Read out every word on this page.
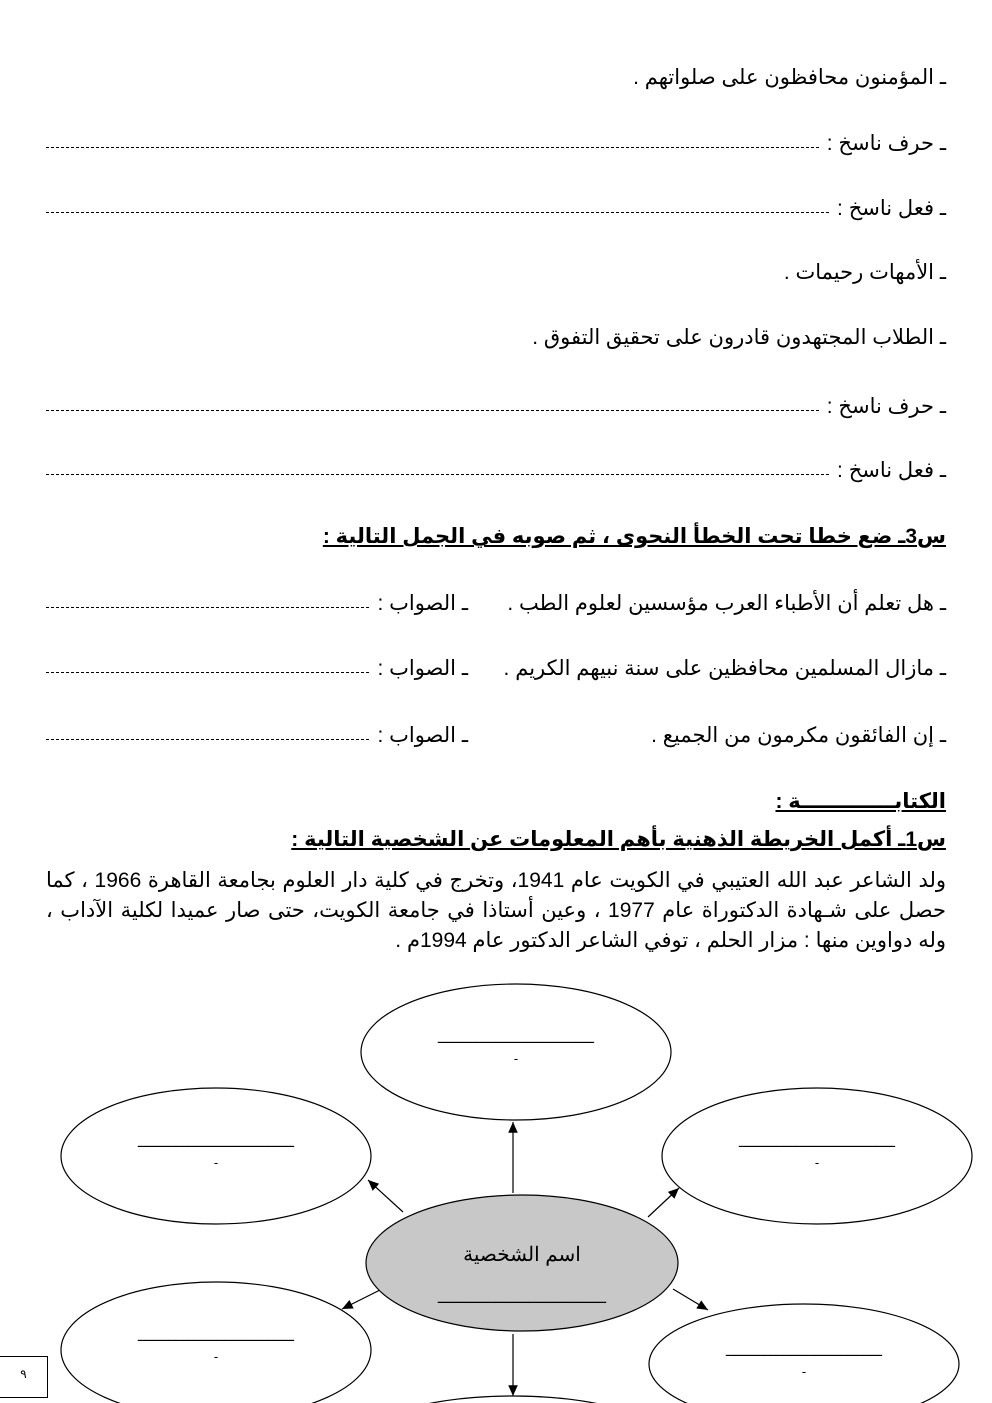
ـ المؤمنون محافظون على صلواتهم .
ـ حرف ناسخ :
ـ فعل ناسخ :
ـ الأمهات رحيمات .
ـ الطلاب المجتهدون قادرون على تحقيق التفوق .
ـ حرف ناسخ :
ـ فعل ناسخ :
س3ـ ضع خطا تحت الخطأ النحوى ، ثم صوبه في الجمل التالية :
ـ هل تعلم أن الأطباء العرب مؤسسين لعلوم الطب .
ـ الصواب :
ـ مازال المسلمين محافظين على سنة نبيهم الكريم .
ـ الصواب :
ـ إن الفائقون مكرمون من الجميع .
ـ الصواب :
الكتابـــــــــــــة :
س1ـ أكمل الخريطة الذهنية بأهم المعلومات عن الشخصية التالية :
ولد الشاعر عبد الله العتيبي في الكويت عام 1941، وتخرج في كلية دار العلوم بجامعة القاهرة 1966 ، كما حصل على شـهادة الدكتوراة عام 1977 ، وعين أستاذا في جامعة الكويت، حتى صار عميدا لكلية الآداب ، وله دواوين منها : مزار الحلم ، توفي الشاعر الدكتور عام 1994م .
ـــــــــــــــــــــــــــــــــــــــــ
-
ـــــــــــــــــــــــــــــــــــــــــ
-
ـــــــــــــــــــــــــــــــــــــــــ
-
ـــــــــــــــــــــــــــــــــــــــــ
-	ـــــــــــــــــــــــــــــــــــــــــ
-
اسم الشخصية
ـــــــــــــــــــــــــــــــــــــــــ
٩
